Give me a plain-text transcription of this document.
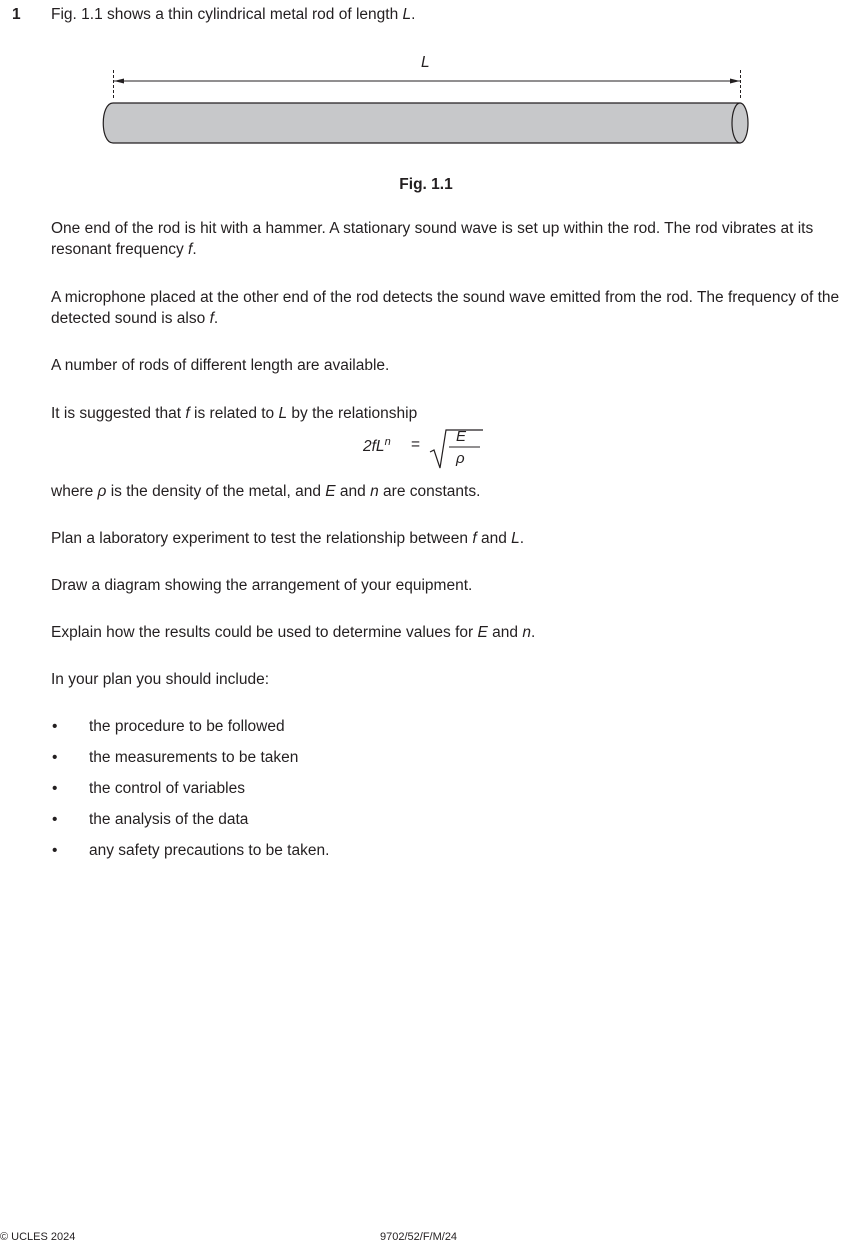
1 Fig. 1.1 shows a thin cylindrical metal rod of length L.
L
Fig. 1.1
One end of the rod is hit with a hammer. A stationary sound wave is set up within the rod. The rod vibrates at its resonant frequency f.
A microphone placed at the other end of the rod detects the sound wave emitted from the rod. The frequency of the detected sound is also f.
A number of rods of different length are available.
It is suggested that f is related to L by the relationship
$2fL^n = E$
ρ
where ρ is the density of the metal, and E and n are constants.
Plan a laboratory experiment to test the relationship between f and L.
Draw a diagram showing the arrangement of your equipment.
Explain how the results could be used to determine values for E and n.
In your plan you should include:
• the procedure to be followed
• the measurements to be taken
• the control of variables
• the analysis of the data
• any safety precautions to be taken.
© UCLES 2024	9702/52/F/M/24
